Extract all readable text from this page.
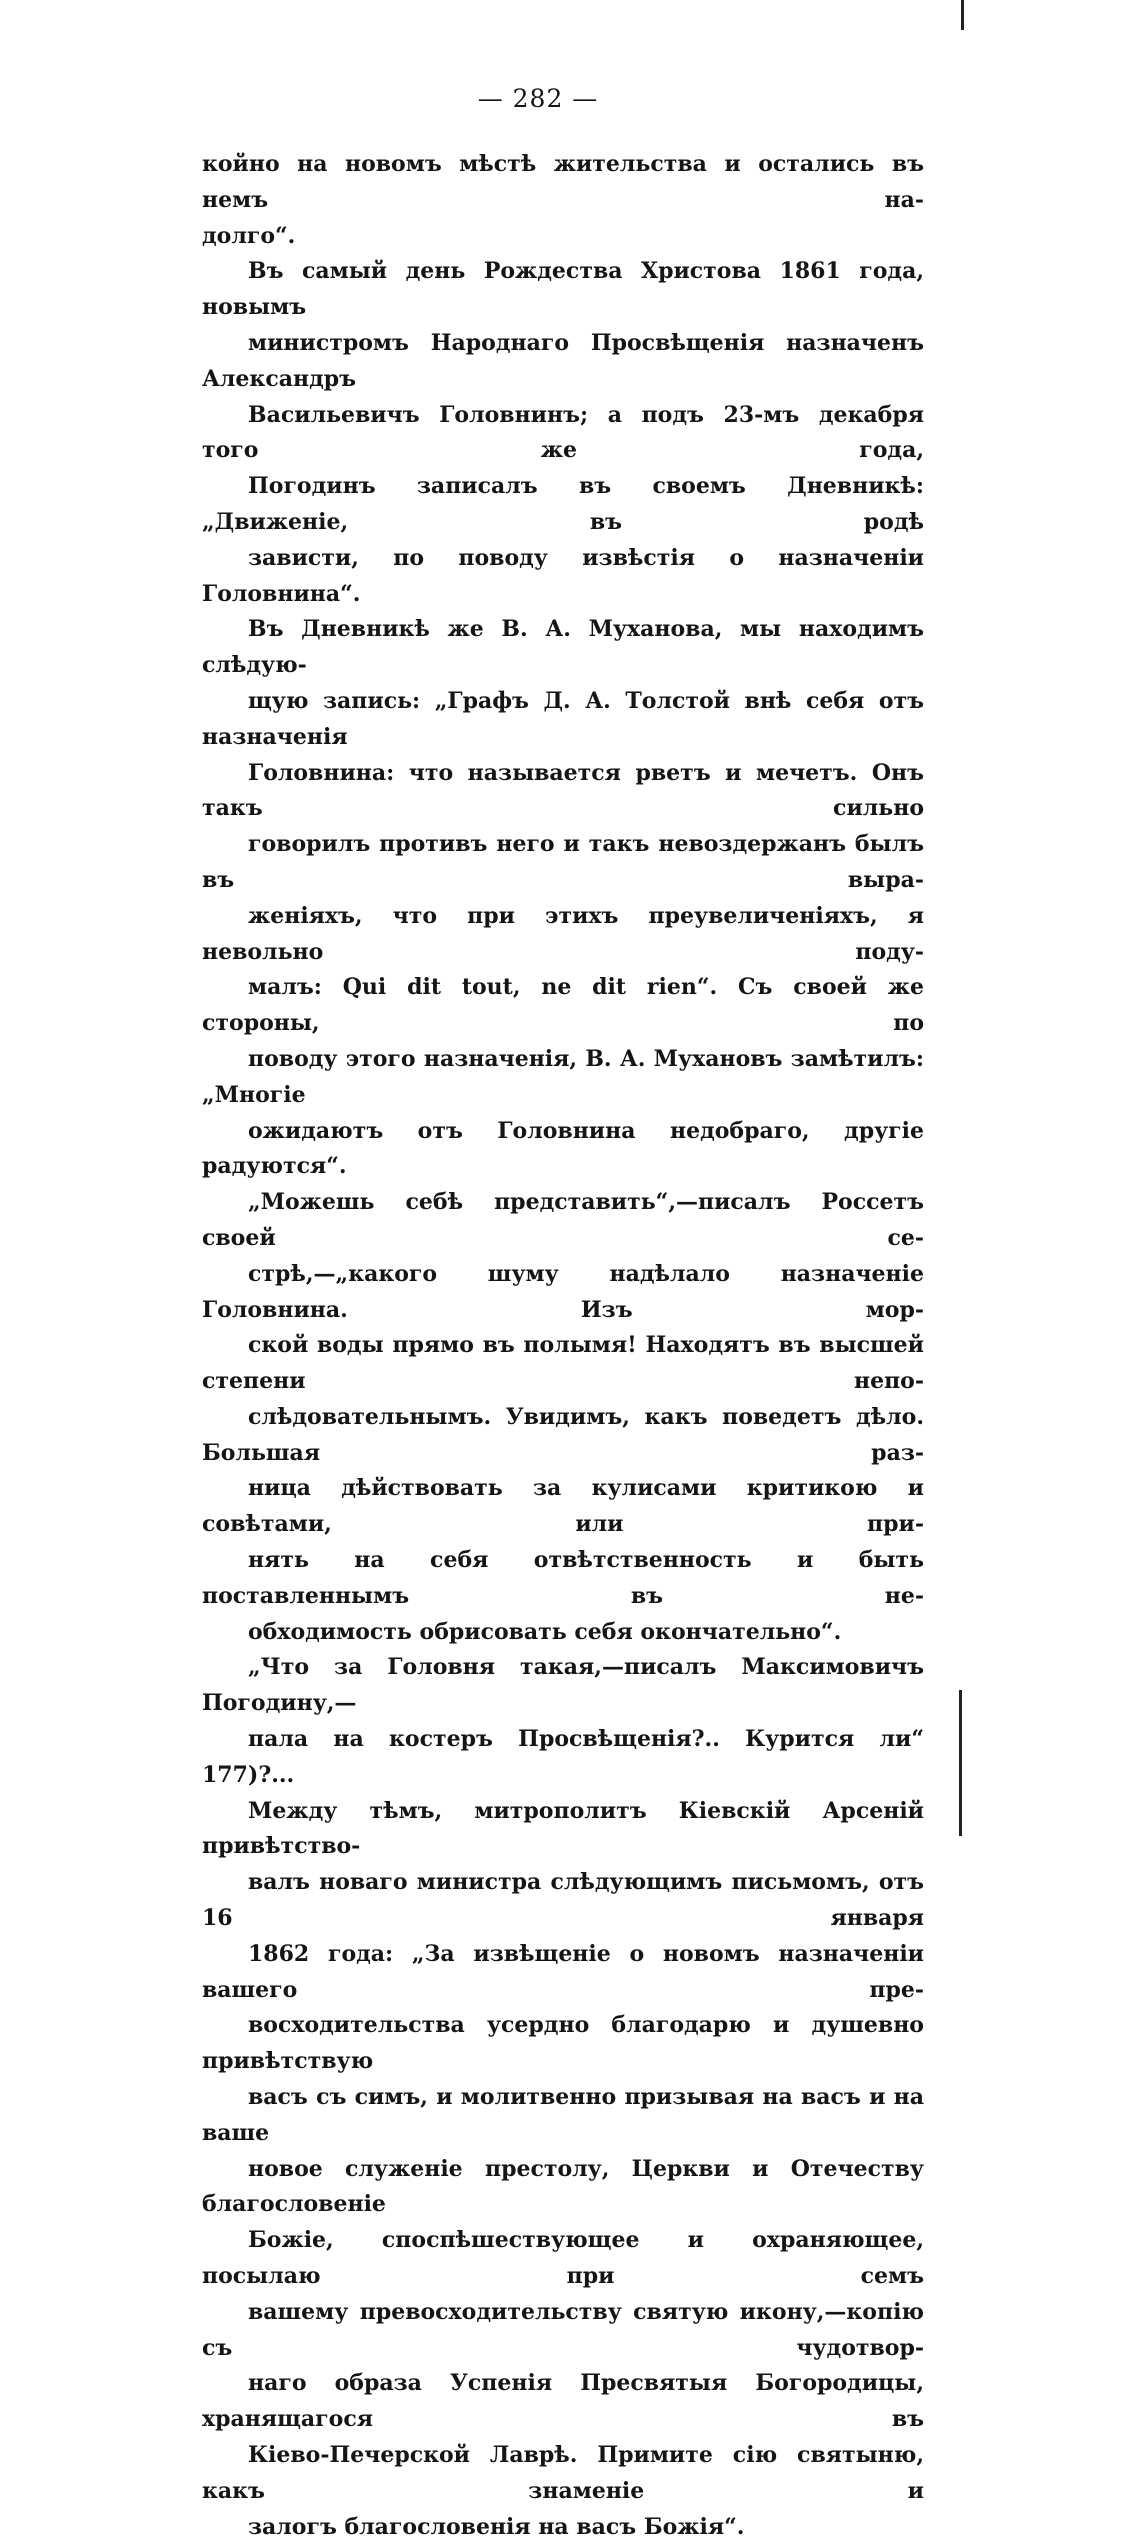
— 282 —

койно на новомъ мѣстѣ жительства и остались въ немъ на-
долго“.

Въ самый день Рождества Христова 1861 года, новымъ
министромъ Народнаго Просвѣщенія назначенъ Александръ
Васильевичъ Головнинъ; а подъ 23-мъ декабря того же года,
Погодинъ записалъ въ своемъ Дневникѣ: „Движеніе, въ родѣ
зависти, по поводу извѣстія о назначеніи Головнина“.

Въ Дневникѣ же В. А. Муханова, мы находимъ слѣдую-
щую запись: „Графъ Д. А. Толстой внѣ себя отъ назначенія
Головнина: что называется рветъ и мечетъ. Онъ такъ сильно
говорилъ противъ него и такъ невоздержанъ былъ въ выра-
женіяхъ, что при этихъ преувеличеніяхъ, я невольно поду-
малъ: Qui dit tout, ne dit rien“. Съ своей же стороны, по
поводу этого назначенія, В. А. Мухановъ замѣтилъ: „Многіе
ожидаютъ отъ Головнина недобраго, другіе радуются“.

„Можешь себѣ представить“,—писалъ Россетъ своей се-
стрѣ,—„какого шуму надѣлало назначеніе Головнина. Изъ мор-
ской воды прямо въ полымя! Находятъ въ высшей степени непо-
слѣдовательнымъ. Увидимъ, какъ поведетъ дѣло. Большая раз-
ница дѣйствовать за кулисами критикою и совѣтами, или при-
нять на себя отвѣтственность и быть поставленнымъ въ не-
обходимость обрисовать себя окончательно“.

„Что за Головня такая,—писалъ Максимовичъ Погодину,—
пала на костеръ Просвѣщенія?.. Курится ли“ 177)?...

Между тѣмъ, митрополитъ Кіевскій Арсеній привѣтство-
валъ новаго министра слѣдующимъ письмомъ, отъ 16 января
1862 года: „За извѣщеніе о новомъ назначеніи вашего пре-
восходительства усердно благодарю и душевно привѣтствую
васъ съ симъ, и молитвенно призывая на васъ и на ваше
новое служеніе престолу, Церкви и Отечеству благословеніе
Божіе, споспѣшествующее и охраняющее, посылаю при семъ
вашему превосходительству святую икону,—копію съ чудотвор-
наго образа Успенія Пресвятыя Богородицы, хранящагося въ
Кіево-Печерской Лаврѣ. Примите сію святыню, какъ знаменіе и
залогъ благословенія на васъ Божія“.
